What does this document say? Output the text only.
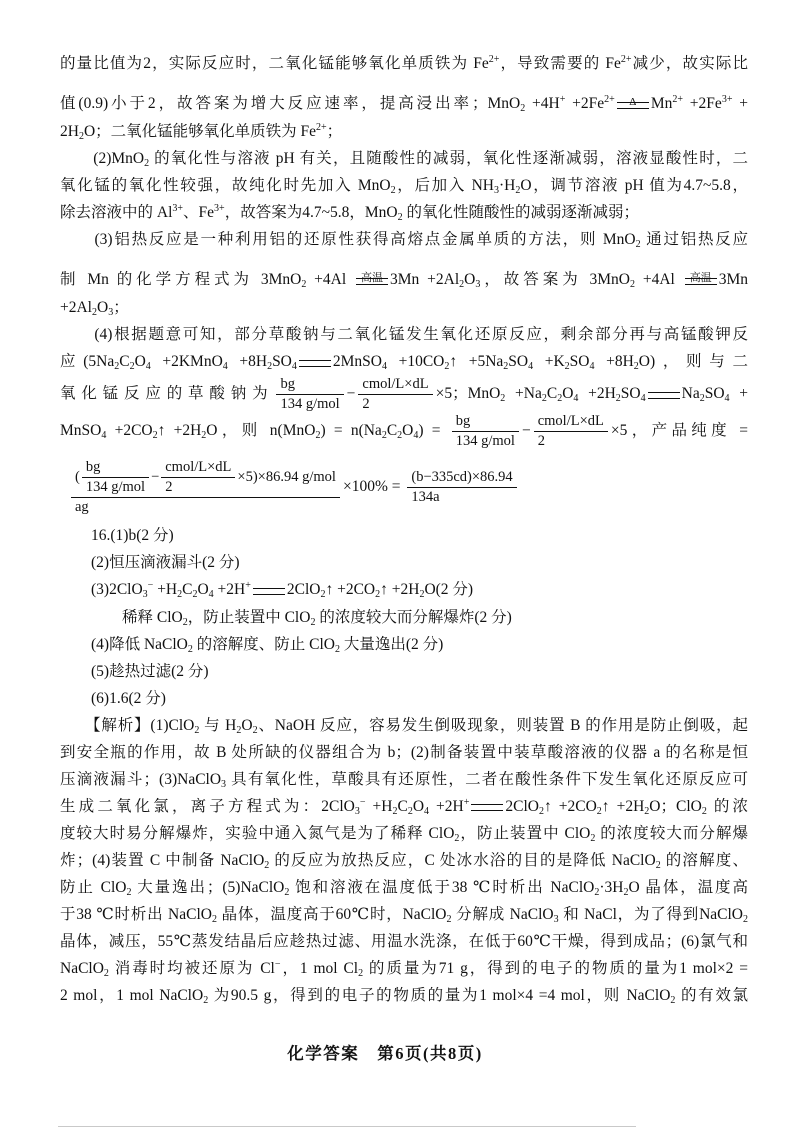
的量比值为2，实际反应时，二氧化锰能够氧化单质铁为 $Fe^{2+}$，导致需要的 $Fe^{2+}$减少，故实际比
值(0.9)小于2，故答案为增大反应速率，提高浸出率；$MnO_2 +4H^+ +2Fe^{2+}$ Δ $Mn^{2+} +2Fe^{3+}$ +
$2H_2O$；二氧化锰能够氧化单质铁为 $Fe^{2+}$；
　　(2)MnO$_2$ 的氧化性与溶液 pH 有关，且随酸性的减弱，氧化性逐渐减弱，溶液显酸性时，二
氧化锰的氧化性较强，故纯化时先加入 MnO$_2$，后加入 $NH_3\cdot H_2O$，调节溶液 pH 值为4.7~5.8，
除去溶液中的 $Al^{3+}$、$Fe^{3+}$，故答案为4.7~5.8，MnO$_2$ 的氧化性随酸性的减弱逐渐减弱；
　　(3)铝热反应是一种利用铝的还原性获得高熔点金属单质的方法，则 MnO$_2$ 通过铝热反应
制 Mn 的化学方程式为 3MnO$_2$ +4Al 高温 $3Mn +2Al_2O_3$，故答案为 3MnO$_2$ +4Al 高温 3Mn
$+2Al_2O_3$；
　　(4)根据题意可知，部分草酸钠与二氧化锰发生氧化还原反应，剩余部分再与高锰酸钾反
应($5Na_2C_2O_4$ +2KMnO$_4$ $+8H_2SO_4$ 2MnSO$_4$ $+10CO_2↑ +5Na_2SO_4 +K_2SO_4 +8H_2O$)，则与二
氧化锰反应的草酸钠为 $\frac{bg}{\text{134 g/mol}} - \frac{\text{cmol/L×dL}}{2} \times 5$；$MnO_2 +Na_2C_2O_4 +2H_2SO_4$ $Na_2SO_4$ +
MnSO$_4$ $+2CO_2↑ +2H_2O$，则 $n(MnO_2) = n(Na_2C_2O_4) = \frac{bg}{\text{134 g/mol}} - \frac{\text{cmol/L×dL}}{2} \times 5$，产品纯度 =
$\frac{( \frac{bg}{\text{134 g/mol}} - \frac{\text{cmol/L×dL}}{2} \times 5)\times 86.94 g/mol}{ag} \times 100\% = \frac{(b-335cd)\times 86.94}{134a}$
　　16.(1)b(2 分)
　　(2)恒压滴液漏斗(2 分)
　　$(3)2ClO_3^- +H_2C_2O_4 +2H^+$ 2ClO$_2$↑ $+2CO_2↑ +2H_2O(2$ 分)
　　　　稀释 ClO$_2$，防止装置中 ClO$_2$ 的浓度较大而分解爆炸(2 分)
　　(4)降低 NaClO$_2$ 的溶解度、防止 ClO$_2$ 大量逸出(2 分)
　　(5)趁热过滤(2 分)
　　(6)1.6(2 分)
　　【解析】(1)ClO$_2$ 与 $H_2O_2$、NaOH 反应，容易发生倒吸现象，则装置 B 的作用是防止倒吸，起
到安全瓶的作用，故 B 处所缺的仪器组合为 b；(2)制备装置中装草酸溶液的仪器 a 的名称是恒
压滴液漏斗；(3)NaClO$_3$ 具有氧化性，草酸具有还原性，二者在酸性条件下发生氧化还原反应可
生成二氧化氯，离子方程式为：$2ClO_3^- +H_2C_2O_4 +2H^+$ 2ClO$_2$↑ $+2CO_2↑ +2H_2O$；ClO$_2$ 的浓
度较大时易分解爆炸，实验中通入氮气是为了稀释 ClO$_2$，防止装置中 ClO$_2$ 的浓度较大而分解爆
炸；(4)装置 C 中制备 NaClO$_2$ 的反应为放热反应，C 处冰水浴的目的是降低 NaClO$_2$ 的溶解度、
防止 ClO$_2$ 大量逸出；(5)NaClO$_2$ 饱和溶液在温度低于38 ℃时析出 $NaClO_2\cdot 3H_2O$ 晶体，温度高
于38 ℃时析出 NaClO$_2$ 晶体，温度高于60℃时，NaClO$_2$ 分解成 NaClO$_3$ 和 NaCl，为了得到NaClO$_2$
晶体，减压，55℃蒸发结晶后应趁热过滤、用温水洗涤，在低于60℃干燥，得到成品；(6)氯气和
NaClO$_2$ 消毒时均被还原为 Cl−，1 mol $Cl_2$ 的质量为71 g，得到的电子的物质的量为1 mol×2 =
2 mol，1 mol NaClO$_2$ 为90.5 g，得到的电子的物质的量为1 mol×4 =4 mol，则 NaClO$_2$ 的有效氯
化学答案　第6页(共8页)
